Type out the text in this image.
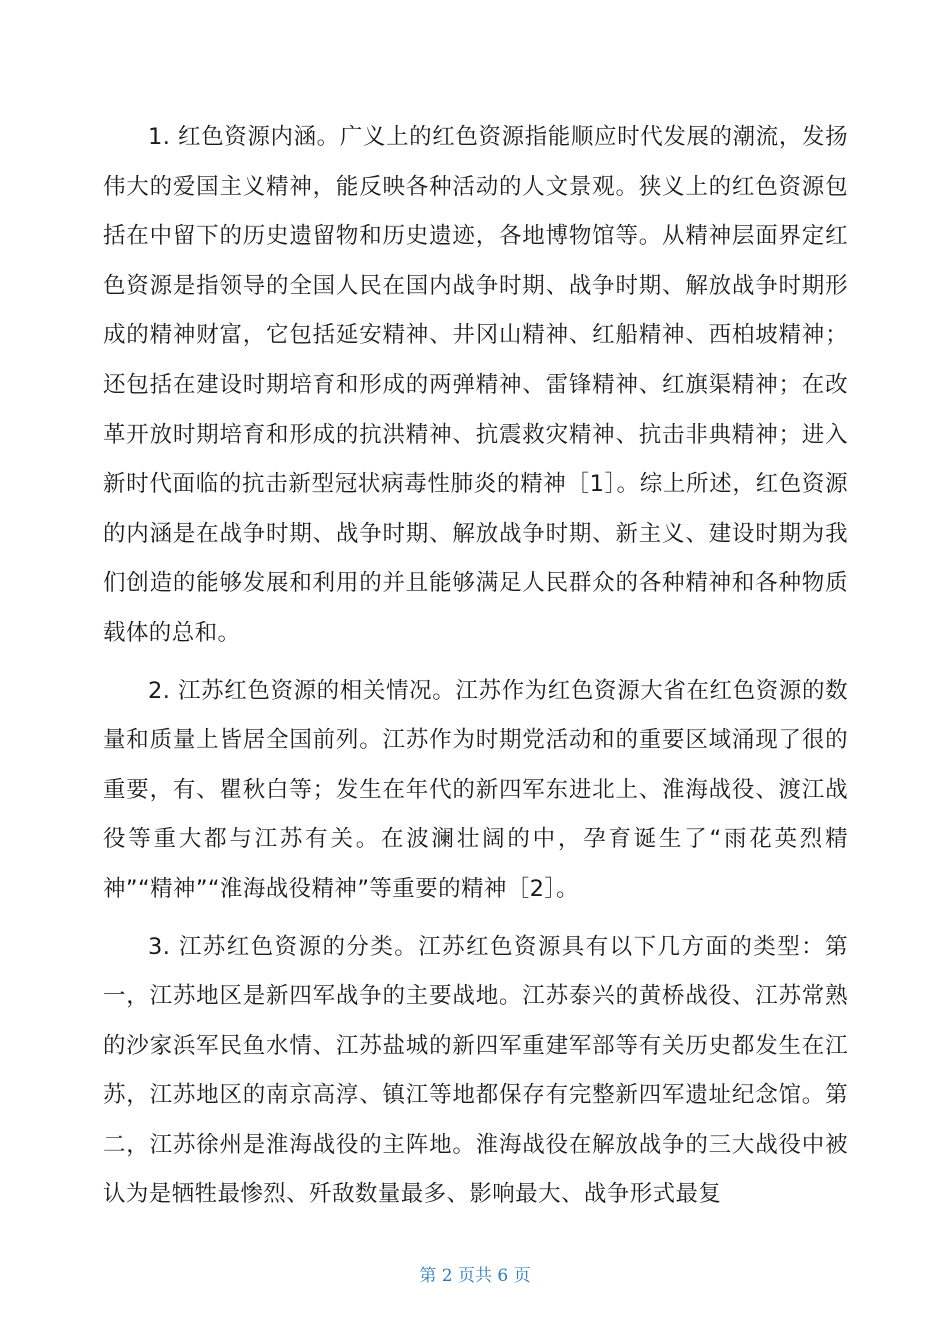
1. 红色资源内涵。广义上的红色资源指能顺应时代发展的潮流，发扬伟大的爱国主义精神，能反映各种活动的人文景观。狭义上的红色资源包括在中留下的历史遗留物和历史遗迹，各地博物馆等。从精神层面界定红色资源是指领导的全国人民在国内战争时期、战争时期、解放战争时期形成的精神财富，它包括延安精神、井冈山精神、红船精神、西柏坡精神；还包括在建设时期培育和形成的两弹精神、雷锋精神、红旗渠精神；在改革开放时期培育和形成的抗洪精神、抗震救灾精神、抗击非典精神；进入新时代面临的抗击新型冠状病毒性肺炎的精神［1］。综上所述，红色资源的内涵是在战争时期、战争时期、解放战争时期、新主义、建设时期为我们创造的能够发展和利用的并且能够满足人民群众的各种精神和各种物质载体的总和。

2. 江苏红色资源的相关情况。江苏作为红色资源大省在红色资源的数量和质量上皆居全国前列。江苏作为时期党活动和的重要区域涌现了很的重要，有、瞿秋白等；发生在年代的新四军东进北上、淮海战役、渡江战役等重大都与江苏有关。在波澜壮阔的中，孕育诞生了“雨花英烈精神”“精神”“淮海战役精神”等重要的精神［2］。

3. 江苏红色资源的分类。江苏红色资源具有以下几方面的类型：第一，江苏地区是新四军战争的主要战地。江苏泰兴的黄桥战役、江苏常熟的沙家浜军民鱼水情、江苏盐城的新四军重建军部等有关历史都发生在江苏，江苏地区的南京高淳、镇江等地都保存有完整新四军遗址纪念馆。第二，江苏徐州是淮海战役的主阵地。淮海战役在解放战争的三大战役中被认为是牺牲最惨烈、歼敌数量最多、影响最大、战争形式最复

第 2 页共 6 页
